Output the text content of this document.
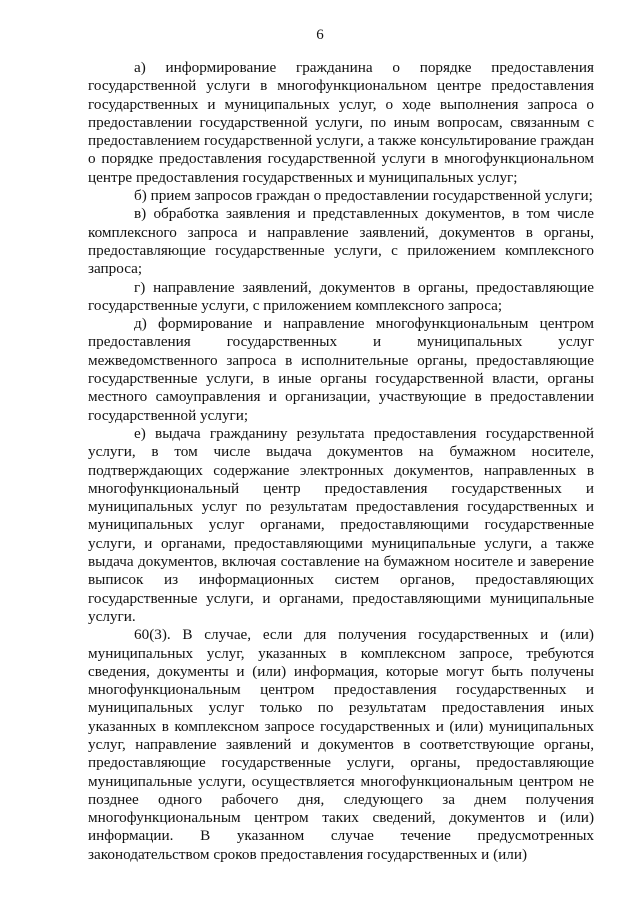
6

а) информирование гражданина о порядке предоставления государственной услуги в многофункциональном центре предоставления государственных и муниципальных услуг, о ходе выполнения запроса о предоставлении государственной услуги, по иным вопросам, связанным с предоставлением государственной услуги, а также консультирование граждан о порядке предоставления государственной услуги в многофункциональном центре предоставления государственных и муниципальных услуг;

б) прием запросов граждан о предоставлении государственной услуги;

в) обработка заявления и представленных документов, в том числе комплексного запроса и направление заявлений, документов в органы, предоставляющие государственные услуги, с приложением комплексного запроса;

г) направление заявлений, документов в органы, предоставляющие государственные услуги, с приложением комплексного запроса;

д) формирование и направление многофункциональным центром предоставления государственных и муниципальных услуг межведомственного запроса в исполнительные органы, предоставляющие государственные услуги, в иные органы государственной власти, органы местного самоуправления и организации, участвующие в предоставлении государственной услуги;

е) выдача гражданину результата предоставления государственной услуги, в том числе выдача документов на бумажном носителе, подтверждающих содержание электронных документов, направленных в многофункциональный центр предоставления государственных и муниципальных услуг по результатам предоставления государственных и муниципальных услуг органами, предоставляющими государственные услуги, и органами, предоставляющими муниципальные услуги, а также выдача документов, включая составление на бумажном носителе и заверение выписок из информационных систем органов, предоставляющих государственные услуги, и органами, предоставляющими муниципальные услуги.

60(3). В случае, если для получения государственных и (или) муниципальных услуг, указанных в комплексном запросе, требуются сведения, документы и (или) информация, которые могут быть получены многофункциональным центром предоставления государственных и муниципальных услуг только по результатам предоставления иных указанных в комплексном запросе государственных и (или) муниципальных услуг, направление заявлений и документов в соответствующие органы, предоставляющие государственные услуги, органы, предоставляющие муниципальные услуги, осуществляется многофункциональным центром не позднее одного рабочего дня, следующего за днем получения многофункциональным центром таких сведений, документов и (или) информации. В указанном случае течение предусмотренных законодательством сроков предоставления государственных и (или)
